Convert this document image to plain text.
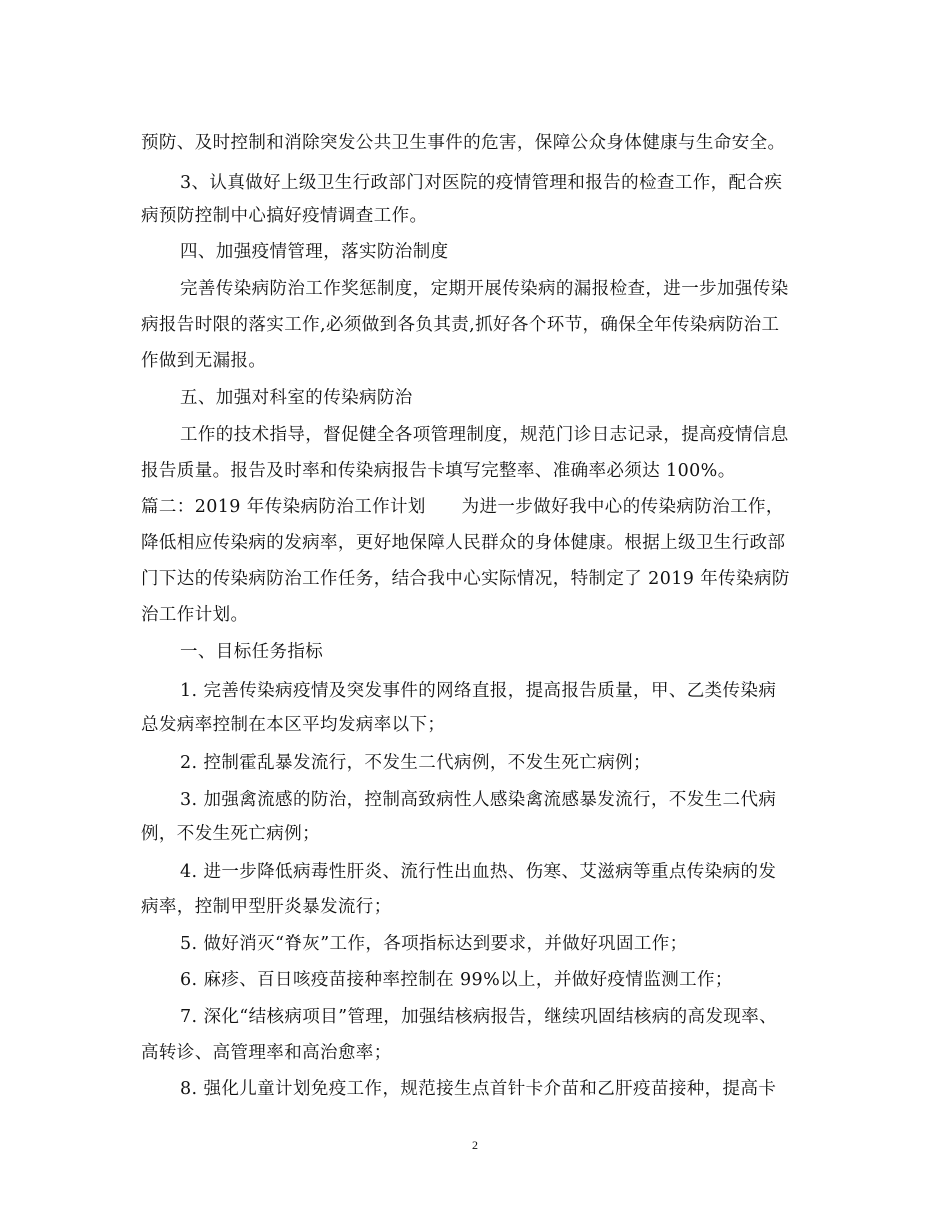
预防、及时控制和消除突发公共卫生事件的危害，保障公众身体健康与生命安全。
3、认真做好上级卫生行政部门对医院的疫情管理和报告的检查工作，配合疾
病预防控制中心搞好疫情调查工作。
四、加强疫情管理，落实防治制度
完善传染病防治工作奖惩制度，定期开展传染病的漏报检查，进一步加强传染
病报告时限的落实工作,必须做到各负其责,抓好各个环节，确保全年传染病防治工
作做到无漏报。
五、加强对科室的传染病防治
工作的技术指导，督促健全各项管理制度，规范门诊日志记录，提高疫情信息
报告质量。报告及时率和传染病报告卡填写完整率、准确率必须达 100%。
篇二：2019 年传染病防治工作计划　　为进一步做好我中心的传染病防治工作，
降低相应传染病的发病率，更好地保障人民群众的身体健康。根据上级卫生行政部
门下达的传染病防治工作任务，结合我中心实际情况，特制定了 2019 年传染病防
治工作计划。
一、目标任务指标
1. 完善传染病疫情及突发事件的网络直报，提高报告质量，甲、乙类传染病
总发病率控制在本区平均发病率以下；
2. 控制霍乱暴发流行，不发生二代病例，不发生死亡病例；
3. 加强禽流感的防治，控制高致病性人感染禽流感暴发流行，不发生二代病
例，不发生死亡病例；
4. 进一步降低病毒性肝炎、流行性出血热、伤寒、艾滋病等重点传染病的发
病率，控制甲型肝炎暴发流行；
5. 做好消灭“脊灰”工作，各项指标达到要求，并做好巩固工作；
6. 麻疹、百日咳疫苗接种率控制在 99%以上，并做好疫情监测工作；
7. 深化“结核病项目”管理，加强结核病报告，继续巩固结核病的高发现率、
高转诊、高管理率和高治愈率；
8. 强化儿童计划免疫工作，规范接生点首针卡介苗和乙肝疫苗接种，提高卡
2
